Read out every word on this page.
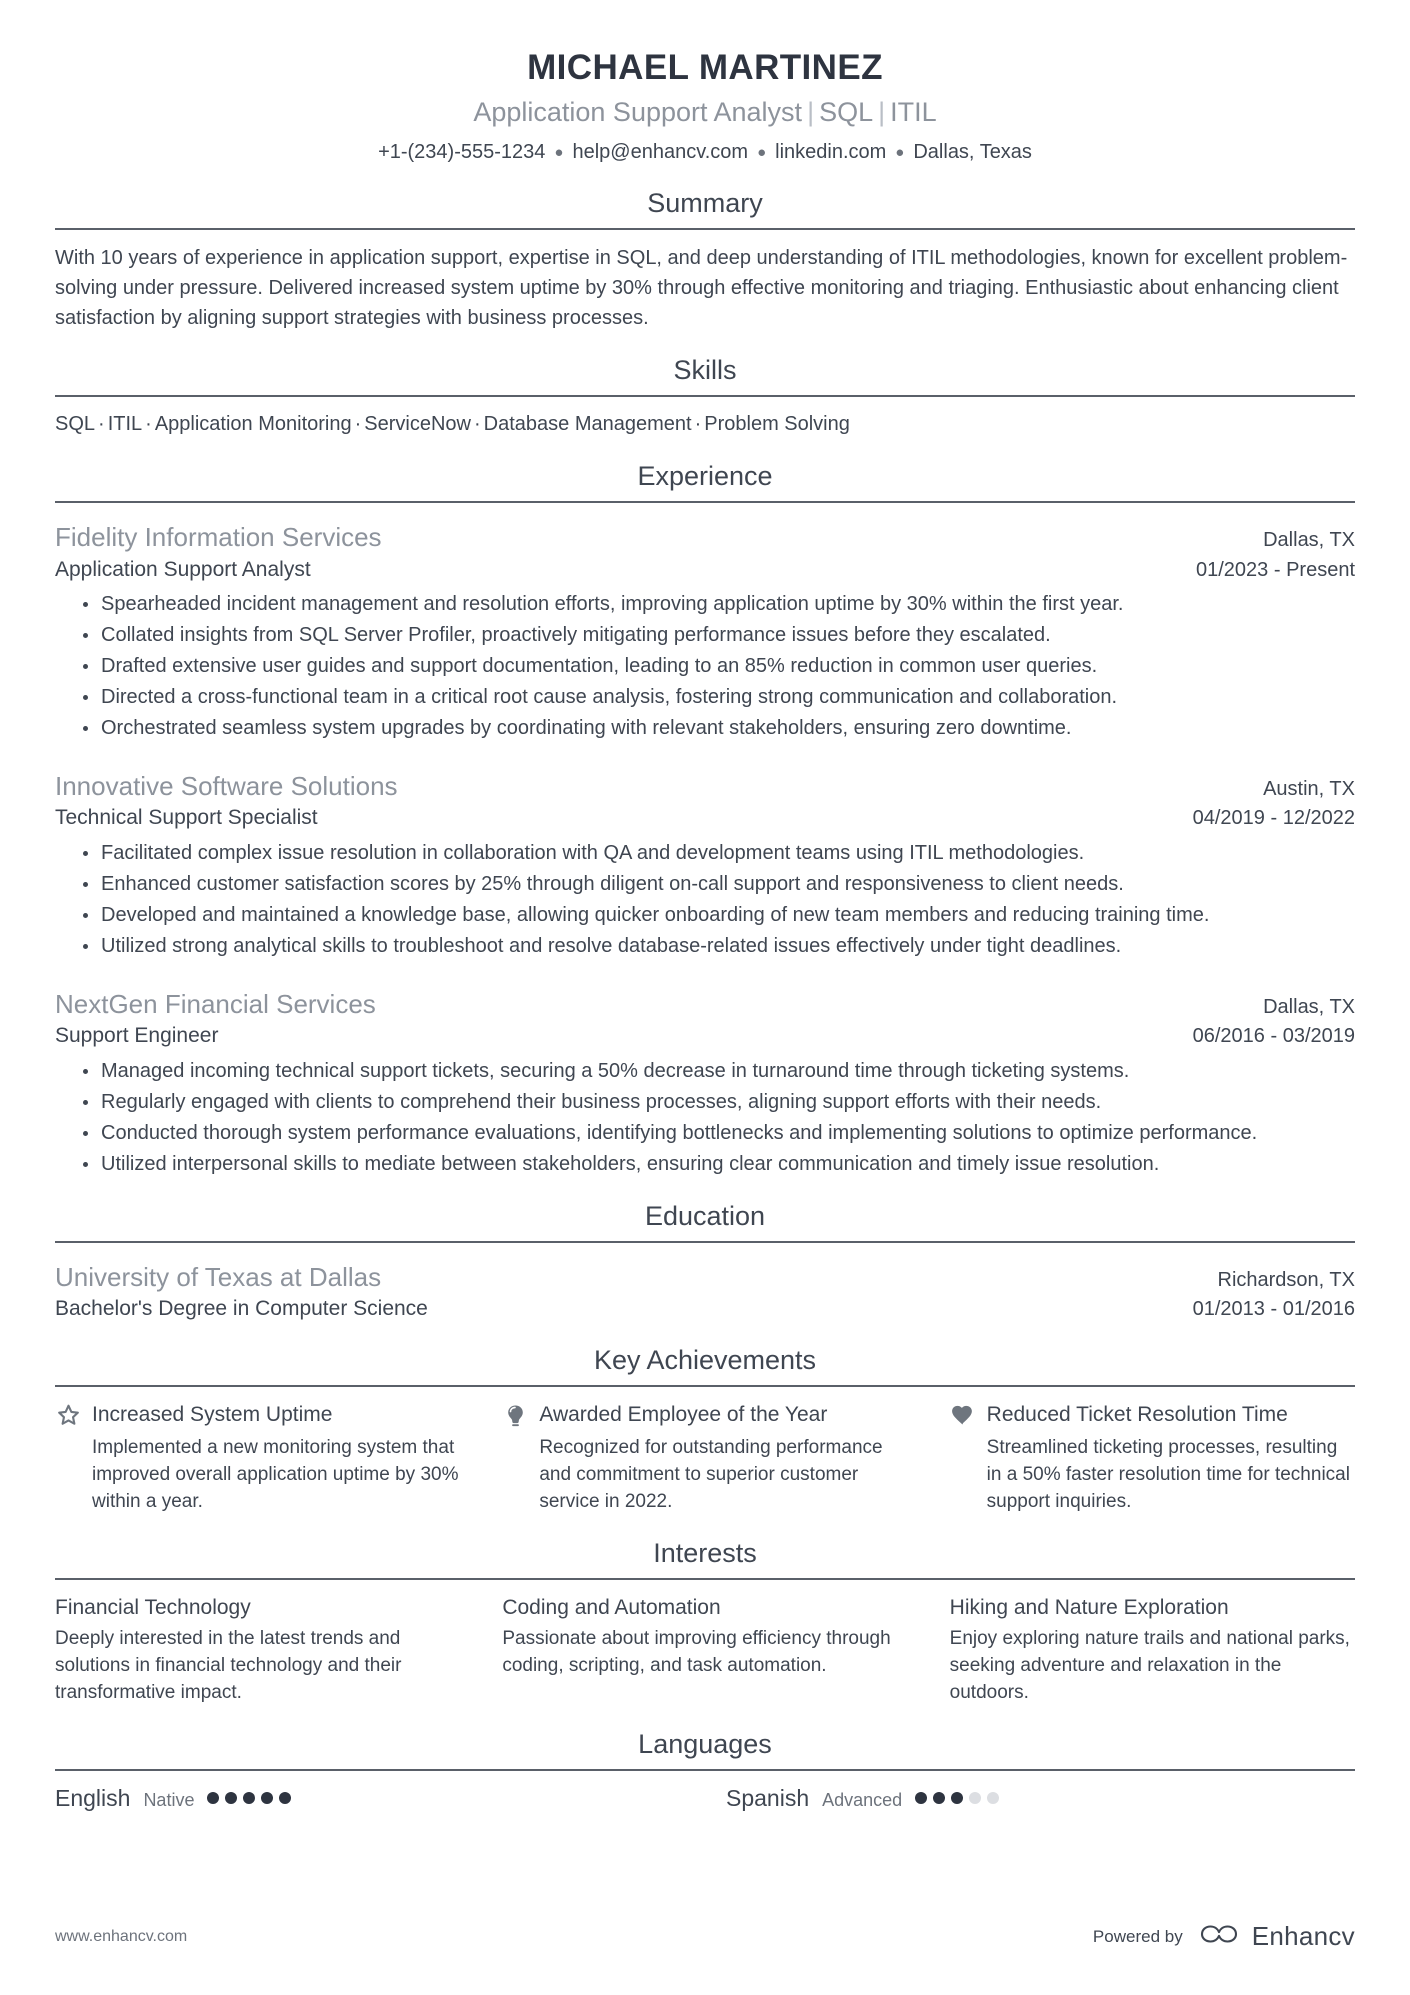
MICHAEL MARTINEZ
Application Support Analyst | SQL | ITIL
+1-(234)-555-1234 ● help@enhancv.com ● linkedin.com ● Dallas, Texas
Summary
With 10 years of experience in application support, expertise in SQL, and deep understanding of ITIL methodologies, known for excellent problem-solving under pressure. Delivered increased system uptime by 30% through effective monitoring and triaging. Enthusiastic about enhancing client satisfaction by aligning support strategies with business processes.
Skills
SQL · ITIL · Application Monitoring · ServiceNow · Database Management · Problem Solving
Experience
Fidelity Information Services	Dallas, TX
Application Support Analyst	01/2023 - Present
Spearheaded incident management and resolution efforts, improving application uptime by 30% within the first year.
Collated insights from SQL Server Profiler, proactively mitigating performance issues before they escalated.
Drafted extensive user guides and support documentation, leading to an 85% reduction in common user queries.
Directed a cross-functional team in a critical root cause analysis, fostering strong communication and collaboration.
Orchestrated seamless system upgrades by coordinating with relevant stakeholders, ensuring zero downtime.
Innovative Software Solutions	Austin, TX
Technical Support Specialist	04/2019 - 12/2022
Facilitated complex issue resolution in collaboration with QA and development teams using ITIL methodologies.
Enhanced customer satisfaction scores by 25% through diligent on-call support and responsiveness to client needs.
Developed and maintained a knowledge base, allowing quicker onboarding of new team members and reducing training time.
Utilized strong analytical skills to troubleshoot and resolve database-related issues effectively under tight deadlines.
NextGen Financial Services	Dallas, TX
Support Engineer	06/2016 - 03/2019
Managed incoming technical support tickets, securing a 50% decrease in turnaround time through ticketing systems.
Regularly engaged with clients to comprehend their business processes, aligning support efforts with their needs.
Conducted thorough system performance evaluations, identifying bottlenecks and implementing solutions to optimize performance.
Utilized interpersonal skills to mediate between stakeholders, ensuring clear communication and timely issue resolution.
Education
University of Texas at Dallas	Richardson, TX
Bachelor's Degree in Computer Science	01/2013 - 01/2016
Key Achievements
Increased System Uptime
Implemented a new monitoring system that improved overall application uptime by 30% within a year.
Awarded Employee of the Year
Recognized for outstanding performance and commitment to superior customer service in 2022.
Reduced Ticket Resolution Time
Streamlined ticketing processes, resulting in a 50% faster resolution time for technical support inquiries.
Interests
Financial Technology
Deeply interested in the latest trends and solutions in financial technology and their transformative impact.
Coding and Automation
Passionate about improving efficiency through coding, scripting, and task automation.
Hiking and Nature Exploration
Enjoy exploring nature trails and national parks, seeking adventure and relaxation in the outdoors.
Languages
English Native	Spanish Advanced
www.enhancv.com	Powered by	Enhancv
